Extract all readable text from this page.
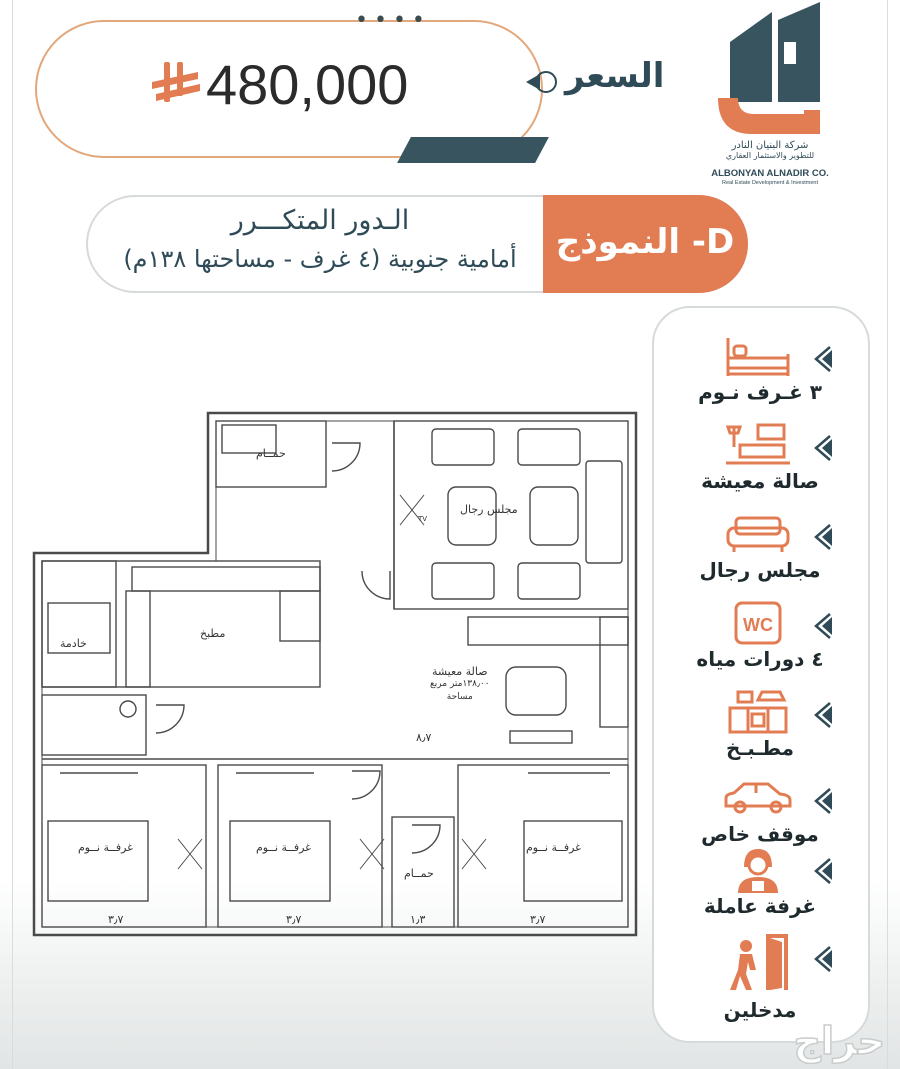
••••
480,000	السعر
شركة البنيان النادر
للتطوير والاستثمار العقاري
ALBONYAN ALNADIR CO.
Real Estate Development & Investment
النموذج -D
الـدور المتكـــرر
أمامية جنوبية (٤ غرف - مساحتها ١٣٨م)
٣ غـرف نـوم
صالة معيشة
مجلس رجال
WC
٤ دورات مياه
مطـبـخ
موقف خاص
غرفة عاملة
مدخلين
مجلس رجال
TV
مطبخ
خادمة
صالة معيشة
١٣٨٫٠٠متر مربع
مساحة
٨٫٧
غرفــة نــوم	غرفــة نــوم	غرفــة نــوم
حمــام
حمــام
٣٫٧	٣٫٧	١٫٣	٣٫٧
حراج
